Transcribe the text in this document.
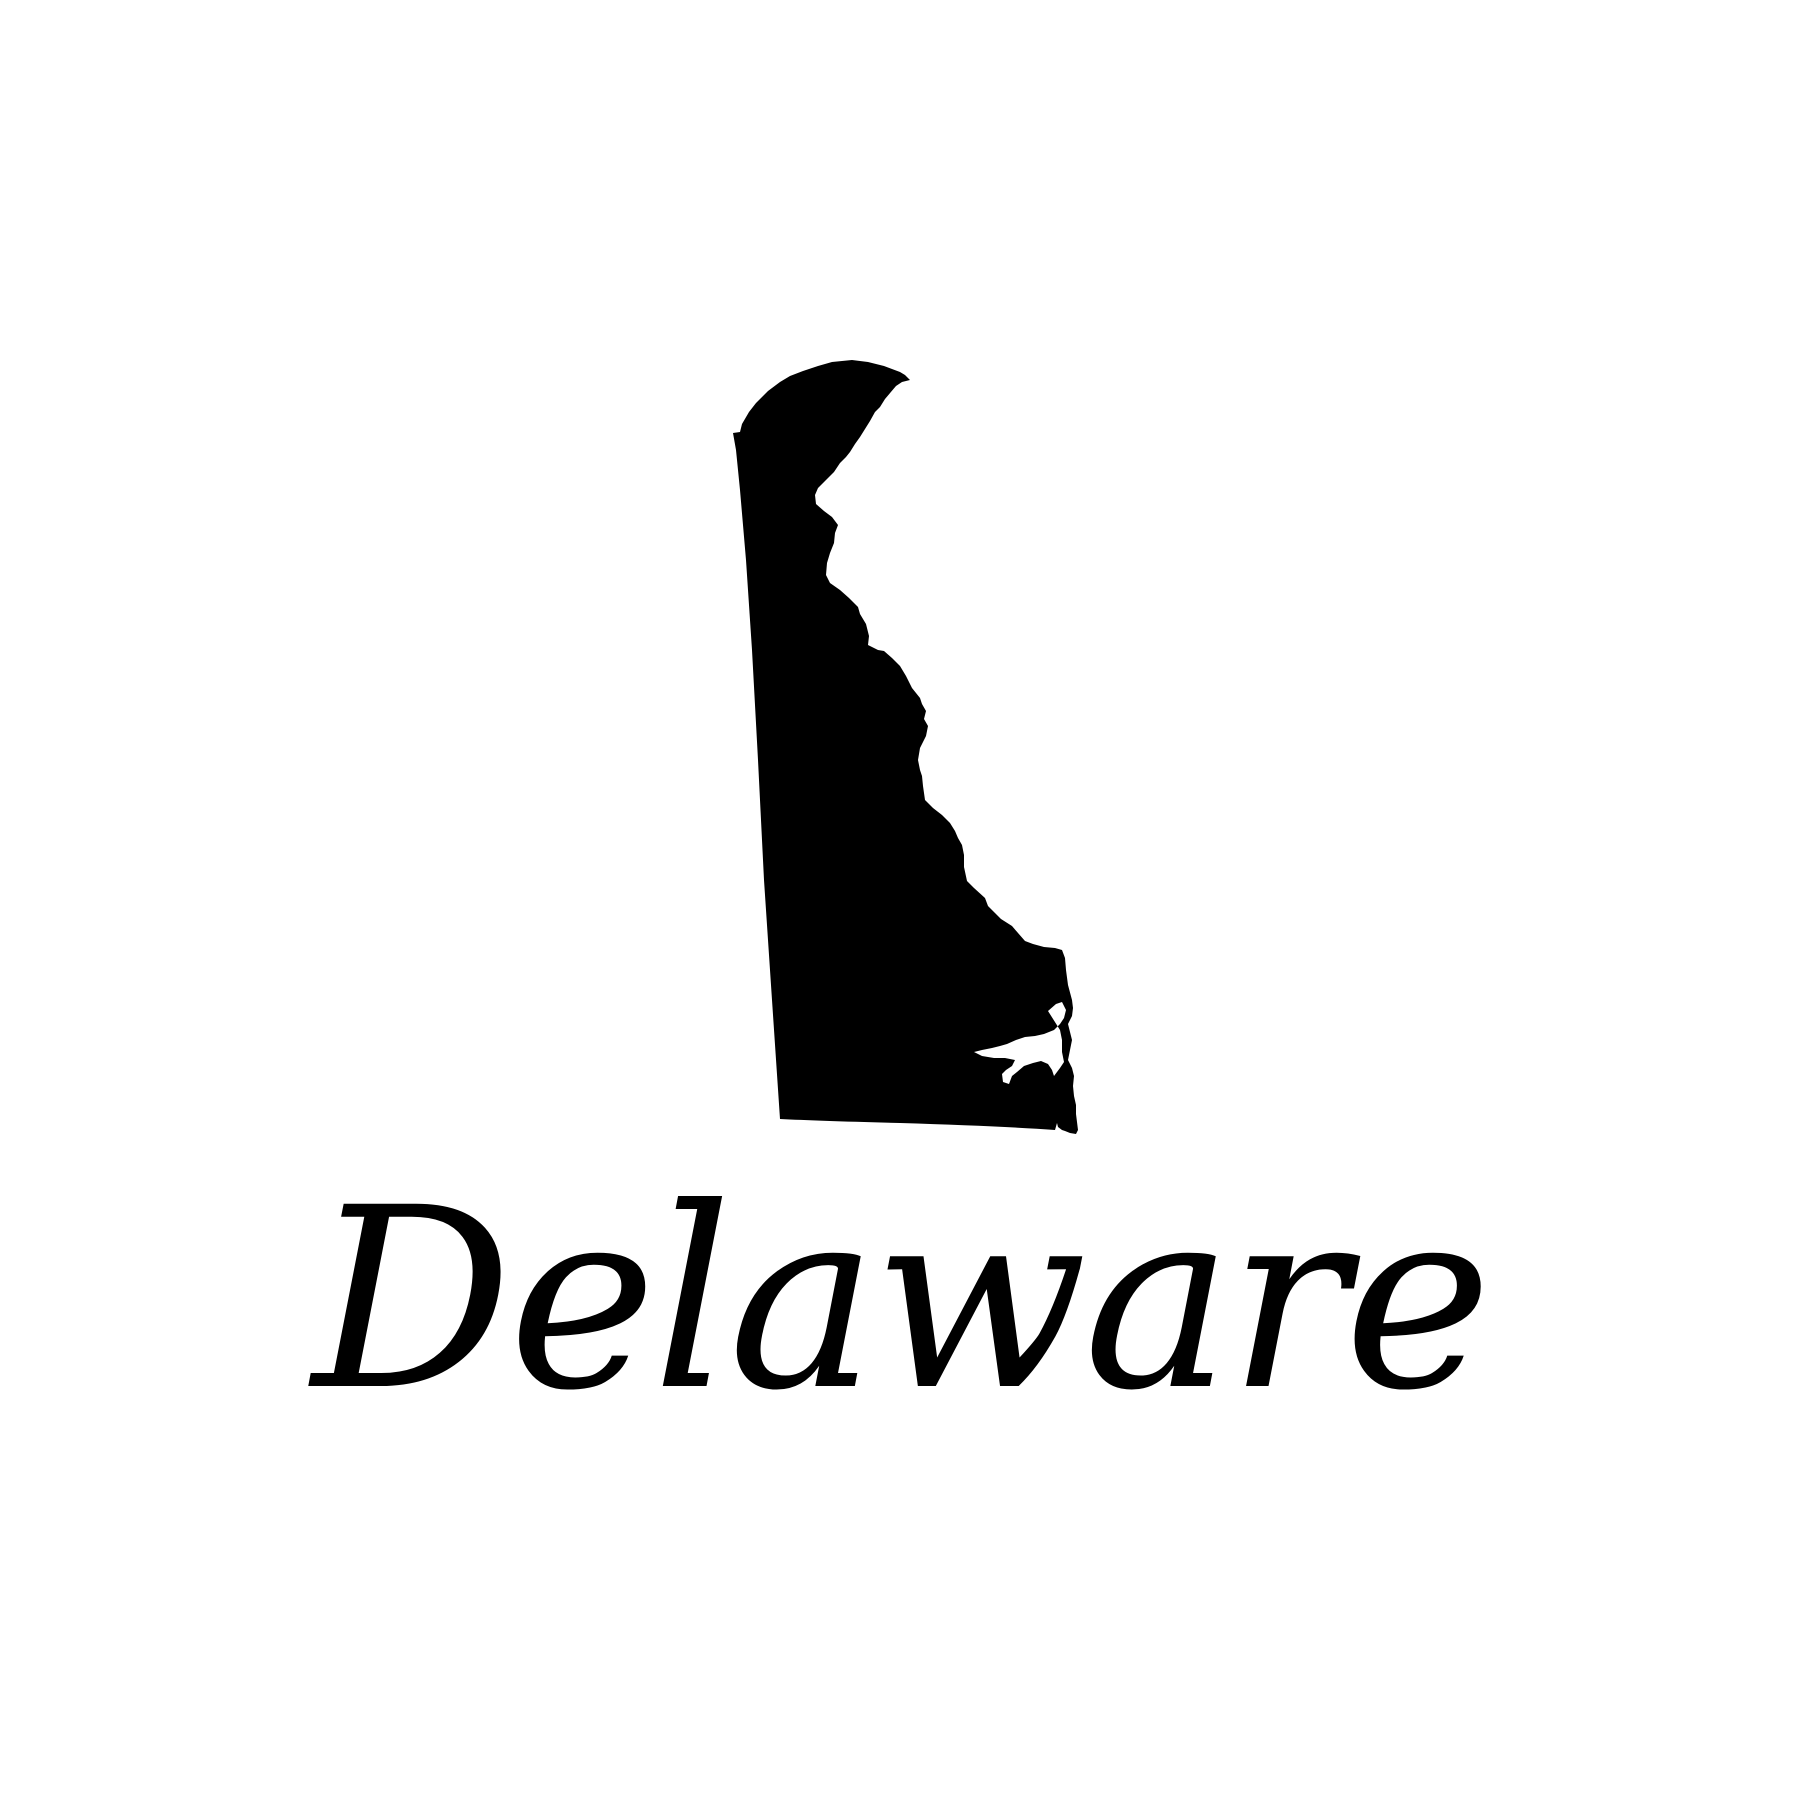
Delaware
